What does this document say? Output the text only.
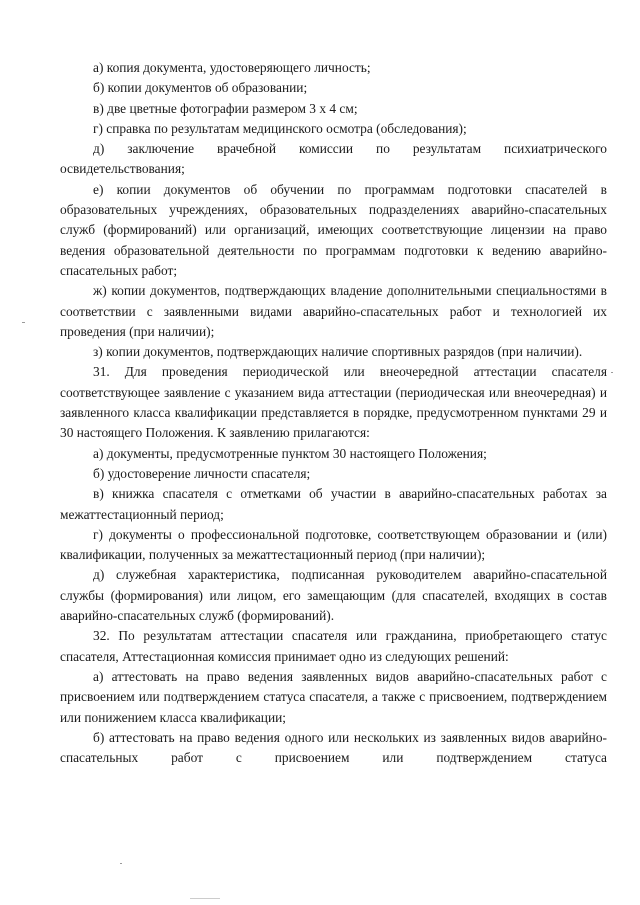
а) копия документа, удостоверяющего личность;

б) копии документов об образовании;

в) две цветные фотографии размером 3 х 4 см;

г) справка по результатам медицинского осмотра (обследования);

д) заключение врачебной комиссии по результатам психиатрического освидетельствования;

е) копии документов об обучении по программам подготовки спасателей в образовательных учреждениях, образовательных подразделениях аварийно-спасательных служб (формирований) или организаций, имеющих соответствующие лицензии на право ведения образовательной деятельности по программам подготовки к ведению аварийно-спасательных работ;

ж) копии документов, подтверждающих владение дополнительными специальностями в соответствии с заявленными видами аварийно-спасательных работ и технологией их проведения (при наличии);

з) копии документов, подтверждающих наличие спортивных разрядов (при наличии).

31. Для проведения периодической или внеочередной аттестации спасателя соответствующее заявление с указанием вида аттестации (периодическая или внеочередная) и заявленного класса квалификации представляется в порядке, предусмотренном пунктами 29 и 30 настоящего Положения. К заявлению прилагаются:

а) документы, предусмотренные пунктом 30 настоящего Положения;

б) удостоверение личности спасателя;

в) книжка спасателя с отметками об участии в аварийно-спасательных работах за межаттестационный период;

г) документы о профессиональной подготовке, соответствующем образовании и (или) квалификации, полученных за межаттестационный период (при наличии);

д) служебная характеристика, подписанная руководителем аварийно-спасательной службы (формирования) или лицом, его замещающим (для спасателей, входящих в состав аварийно-спасательных служб (формирований).

32. По результатам аттестации спасателя или гражданина, приобретающего статус спасателя, Аттестационная комиссия принимает одно из следующих решений:

а) аттестовать на право ведения заявленных видов аварийно-спасательных работ с присвоением или подтверждением статуса спасателя, а также с присвоением, подтверждением или понижением класса квалификации;

б) аттестовать на право ведения одного или нескольких из заявленных видов аварийно-спасательных работ с присвоением или подтверждением статуса
